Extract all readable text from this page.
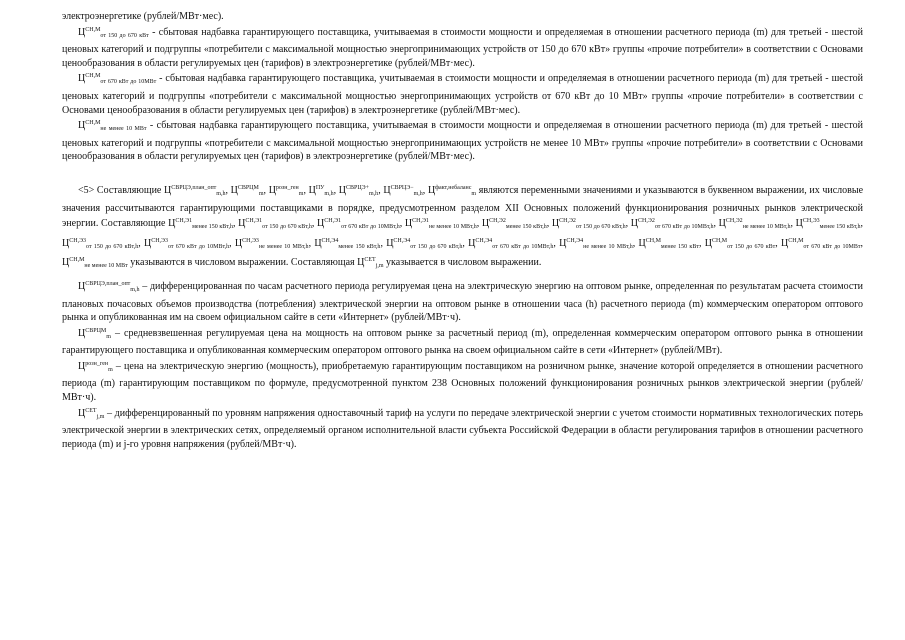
электроэнергетике (рублей/МВт·мес).

$Ц^{СН,М}_{от 150 до 670 кВт}$ - сбытовая надбавка гарантирующего поставщика, учитываемая в стоимости мощности и определяемая в отношении расчетного периода (m) для третьей - шестой ценовых категорий и подгруппы «потребители с максимальной мощностью энергопринимающих устройств от 150 до 670 кВт» группы «прочие потребители» в соответствии с Основами ценообразования в области регулируемых цен (тарифов) в электроэнергетике (рублей/МВт·мес).

$Ц^{СН,М}_{от 670 кВт до 10МВт}$ - сбытовая надбавка гарантирующего поставщика, учитываемая в стоимости мощности и определяемая в отношении расчетного периода (m) для третьей - шестой ценовых категорий и подгруппы «потребители с максимальной мощностью энергопринимающих устройств от 670 кВт до 10 МВт» группы «прочие потребители» в соответствии с Основами ценообразования в области регулируемых цен (тарифов) в электроэнергетике (рублей/МВт·мес).

$Ц^{СН,М}_{не менее 10 МВт}$ - сбытовая надбавка гарантирующего поставщика, учитываемая в стоимости мощности и определяемая в отношении расчетного периода (m) для третьей - шестой ценовых категорий и подгруппы «потребители с максимальной мощностью энергопринимающих устройств не менее 10 МВт» группы «прочие потребители» в соответствии с Основами ценообразования в области регулируемых цен (тарифов) в электроэнергетике (рублей/МВт·мес).

<5> Составляющие $Ц^{СВРЦЭ,план\_опт}_{m,h}$, $Ц^{СВРЦМ}_m$, $Ц^{розн\_ген}_m$, $Ц^{ПУ}_{m,h}$, $Ц^{СВРЦЭ+}_{m,h}$, $Ц^{СВРЦЭ-}_{m,h}$, $Ц^{факт,небаланс}_m$ являются переменными значениями и указываются в буквенном выражении, их числовые значения рассчитываются гарантирующими поставщиками в порядке, предусмотренном разделом XII Основных положений функционирования розничных рынков электрической энергии. Составляющие $Ц^{СН,Э1}_{менее 150 кВт,h}$, $Ц^{СН,Э1}_{от 150 до 670 кВт,h}$, $Ц^{СН,Э1}_{от 670 кВт до 10МВт,h}$, $Ц^{СН,Э1}_{не менее 10 МВт,h}$, $Ц^{СН,Э2}_{менее 150 кВт,h}$, $Ц^{СН,Э2}_{от 150 до 670 кВт,h}$, $Ц^{СН,Э2}_{от 670 кВт до 10МВт,h}$, $Ц^{СН,Э2}_{не менее 10 МВт,h}$, $Ц^{СН,Э3}_{менее 150 кВт,h}$, $Ц^{СН,Э3}_{от 150 до 670 кВт,h}$, $Ц^{СН,Э3}_{от 670 кВт до 10МВт,h}$, $Ц^{СН,Э3}_{не менее 10 МВт,h}$, $Ц^{СН,Э4}_{менее 150 кВт,h}$, $Ц^{СН,Э4}_{от 150 до 670 кВт,h}$, $Ц^{СН,Э4}_{от 670 кВт до 10МВт,h}$, $Ц^{СН,Э4}_{не менее 10 МВт,h}$, $Ц^{СН,М}_{менее 150 кВт}$, $Ц^{СН,М}_{от 150 до 670 кВт}$, $Ц^{СН,М}_{от 670 кВт до 10МВт}$, $Ц^{СН,М}_{не менее 10 МВт}$ указываются в числовом выражении. Составляющая $Ц^{СЕТ}_{j,m}$ указывается в числовом выражении.

$Ц^{СВРЦЭ,план\_опт}_{m,h}$ – дифференцированная по часам расчетного периода регулируемая цена на электрическую энергию на оптовом рынке, определенная по результатам расчета стоимости плановых почасовых объемов производства (потребления) электрической энергии на оптовом рынке в отношении часа (h) расчетного периода (m) коммерческим оператором оптового рынка и опубликованная им на своем официальном сайте в сети «Интернет» (рублей/МВт·ч).

$Ц^{СВРЦМ}_m$ – средневзвешенная регулируемая цена на мощность на оптовом рынке за расчетный период (m), определенная коммерческим оператором оптового рынка в отношении гарантирующего поставщика и опубликованная коммерческим оператором оптового рынка на своем официальном сайте в сети «Интернет» (рублей/МВт).

$Ц^{розн\_ген}_m$ – цена на электрическую энергию (мощность), приобретаемую гарантирующим поставщиком на розничном рынке, значение которой определяется в отношении расчетного периода (m) гарантирующим поставщиком по формуле, предусмотренной пунктом 238 Основных положений функционирования розничных рынков электрической энергии (рублей/МВт·ч).

$Ц^{СЕТ}_{j,m}$ – дифференцированный по уровням напряжения одноставочный тариф на услуги по передаче электрической энергии с учетом стоимости нормативных технологических потерь электрической энергии в электрических сетях, определяемый органом исполнительной власти субъекта Российской Федерации в области регулирования тарифов в отношении расчетного периода (m) и j-го уровня напряжения (рублей/МВт·ч).
